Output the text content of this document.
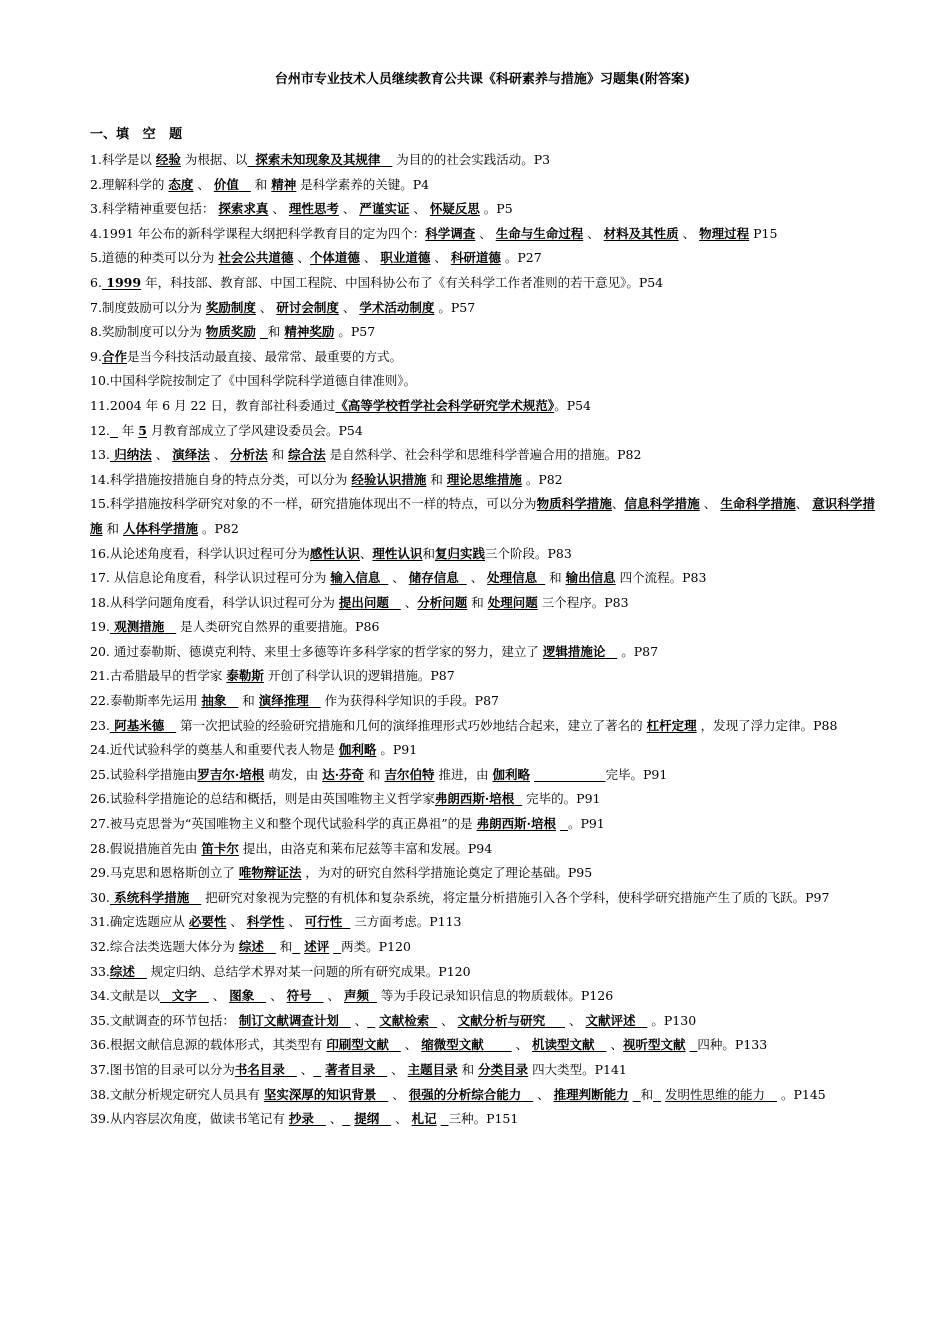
台州市专业技术人员继续教育公共课《科研素养与措施》习题集(附答案)
一、填   空   题

1.科学是以 经验 为根据、以 探索未知现象及其规律    为目的的社会实践活动。P3

2.理解科学的 态度 、 价值    和 精神 是科学素养的关键。P4

3.科学精神重要包括： 探索求真 、 理性思考 、 严谨实证 、 怀疑反思 。P5

4.1991 年公布的新科学课程大纲把科学教育目的定为四个：科学调查 、 生命与生命过程 、 材料及其性质 、 物理过程 P15

5.道德的种类可以分为 社会公共道德 、个体道德 、 职业道德 、 科研道德 。P27

6. 1999 年，科技部、教育部、中国工程院、中国科协公布了《有关科学工作者准则的若干意见》。P54

7.制度鼓励可以分为 奖励制度 、 研讨会制度 、 学术活动制度 。P57

8.奖励制度可以分为 物质奖励 和 精神奖励 。P57

9.合作是当今科技活动最直接、最常常、最重要的方式。

10.中国科学院按制定了《中国科学院科学道德自律准则》。

11.2004 年 6 月 22 日，教育部社科委通过《高等学校哲学社会科学研究学术规范》。P54

12.   年 5 月教育部成立了学风建设委员会。P54

13. 归纳法 、 演绎法 、 分析法 和 综合法 是自然科学、社会科学和思维科学普遍合用的措施。P82

14.科学措施按措施自身的特点分类，可以分为 经验认识措施 和 理论思维措施 。P82

15.科学措施按科学研究对象的不一样，研究措施体现出不一样的特点，可以分为物质科学措施、信息科学措施 、 生命科学措施、 意识科学措施 和 人体科学措施 。P82

16.从论述角度看，科学认识过程可分为感性认识、理性认识和复归实践三个阶段。P83

17. 从信息论角度看，科学认识过程可分为 输入信息   、 储存信息   、 处理信息   和 输出信息 四个流程。P83

18.从科学问题角度看，科学认识过程可分为 提出问题    、分析问题 和 处理问题 三个程序。P83

19. 观测措施    是人类研究自然界的重要措施。P86

20. 通过泰勒斯、德谟克利特、来里士多德等许多科学家的哲学家的努力，建立了 逻辑措施论    。P87

21.古希腊最早的哲学家 泰勒斯 开创了科学认识的逻辑措施。P87

22.泰勒斯率先运用 抽象    和 演绎推理    作为获得科学知识的手段。P87

23. 阿基米德    第一次把试验的经验研究措施和几何的演绎推理形式巧妙地结合起来，建立了著名的 杠杆定理 ，发现了浮力定律。P88

24.近代试验科学的奠基人和重要代表人物是 伽利略 。P91

25.试验科学措施由罗吉尔·培根 萌发，由 达·芬奇 和 吉尔伯特 推进，由 伽利略	完毕。P91

26.试验科学措施论的总结和概括，则是由英国唯物主义哲学家弗朗西斯·培根   完毕的。P91

27.被马克思誉为“英国唯物主义和整个现代试验科学的真正鼻祖”的是 弗朗西斯·培根 。P91

28.假说措施首先由 笛卡尔 提出，由洛克和莱布尼兹等丰富和发展。P94

29.马克思和恩格斯创立了 唯物辩证法 ，为对的研究自然科学措施论奠定了理论基础。P95

30. 系统科学措施    把研究对象视为完整的有机体和复杂系统，将定量分析措施引入各个学科，使科学研究措施产生了质的飞跃。P97

31.确定选题应从 必要性 、 科学性 、 可行性   三方面考虑。P113

32.综合法类选题大体分为 综述    和 述评 两类。P120

33.综述    规定归纳、总结学术界对某一问题的所有研究成果。P120

34.文献是以 文字    、 图象    、 符号    、 声频   等为手段记录知识信息的物质载体。P126

35.文献调查的环节包括： 制订文献调查计划    、 文献检索   、 文献分析与研究      、 文献评述    。P130

36.根据文献信息源的载体形式，其类型有 印刷型文献    、 缩微型文献        、 机读型文献    、视听型文献 四种。P133

37.图书馆的目录可以分为书名目录    、 著者目录    、 主题目录 和 分类目录 四大类型。P141

38.文献分析规定研究人员具有 坚实深厚的知识背景    、 很强的分析综合能力    、 推理判断能力 和 发明性思维的能力    。P145

39.从内容层次角度，做读书笔记有 抄录    、 提纲    、 札记 三种。P151
